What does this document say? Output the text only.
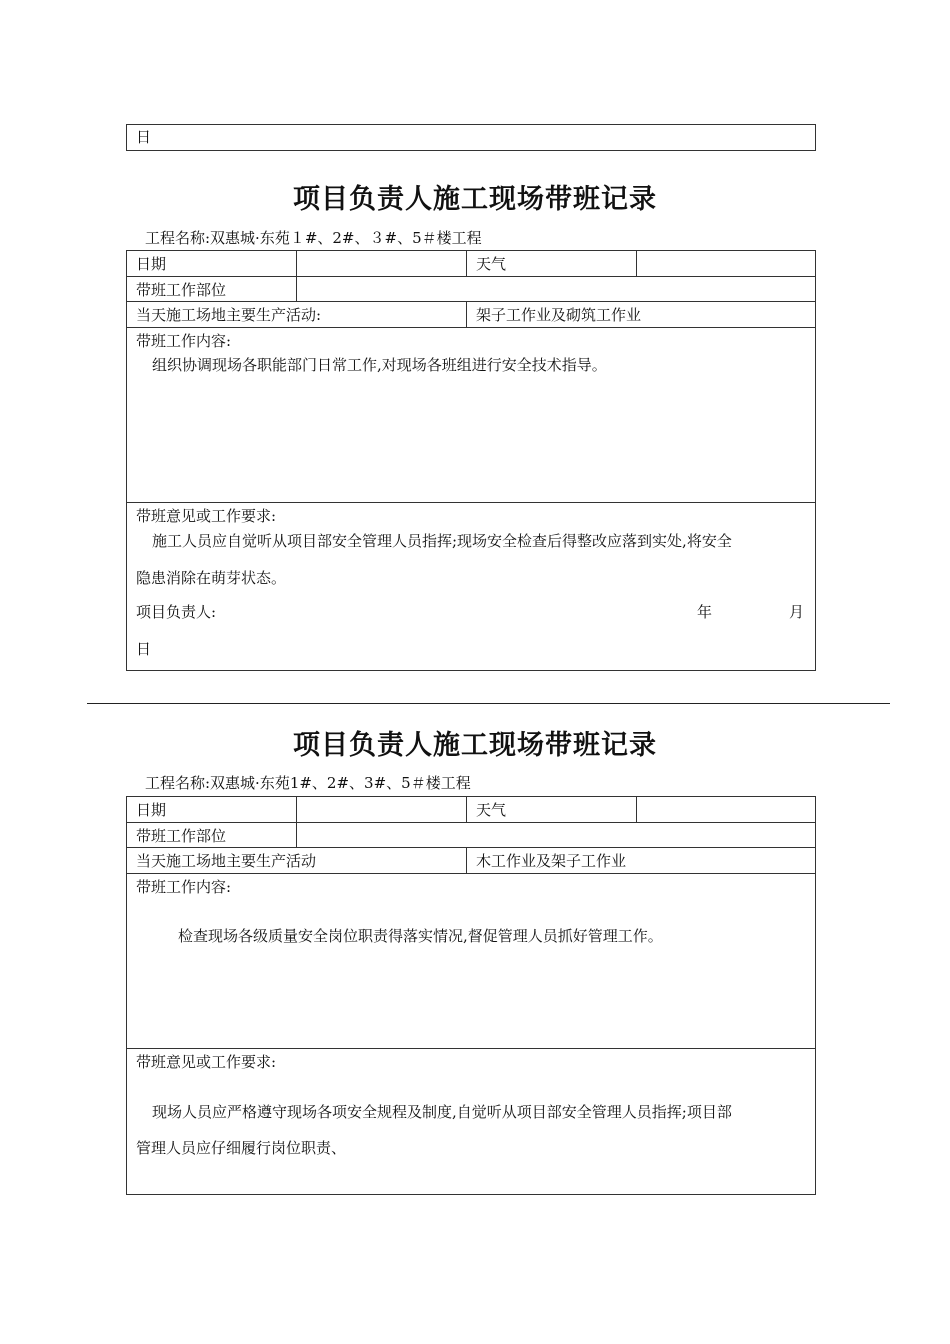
日
项目负责人施工现场带班记录
工程名称:双惠城·东苑１#、2#、３#、5＃楼工程
日期	天气
带班工作部位
当天施工场地主要生产活动:	架子工作业及砌筑工作业
带班工作内容:
组织协调现场各职能部门日常工作,对现场各班组进行安全技术指导。
带班意见或工作要求:
施工人员应自觉听从项目部安全管理人员指挥;现场安全检查后得整改应落到实处,将安全
隐患消除在萌芽状态。
项目负责人:	年	月
日
项目负责人施工现场带班记录
工程名称:双惠城·东苑1#、2#、3#、5＃楼工程
日期	天气
带班工作部位
当天施工场地主要生产活动	木工作业及架子工作业
带班工作内容:
检查现场各级质量安全岗位职责得落实情况,督促管理人员抓好管理工作。
带班意见或工作要求:
现场人员应严格遵守现场各项安全规程及制度,自觉听从项目部安全管理人员指挥;项目部
管理人员应仔细履行岗位职责、
